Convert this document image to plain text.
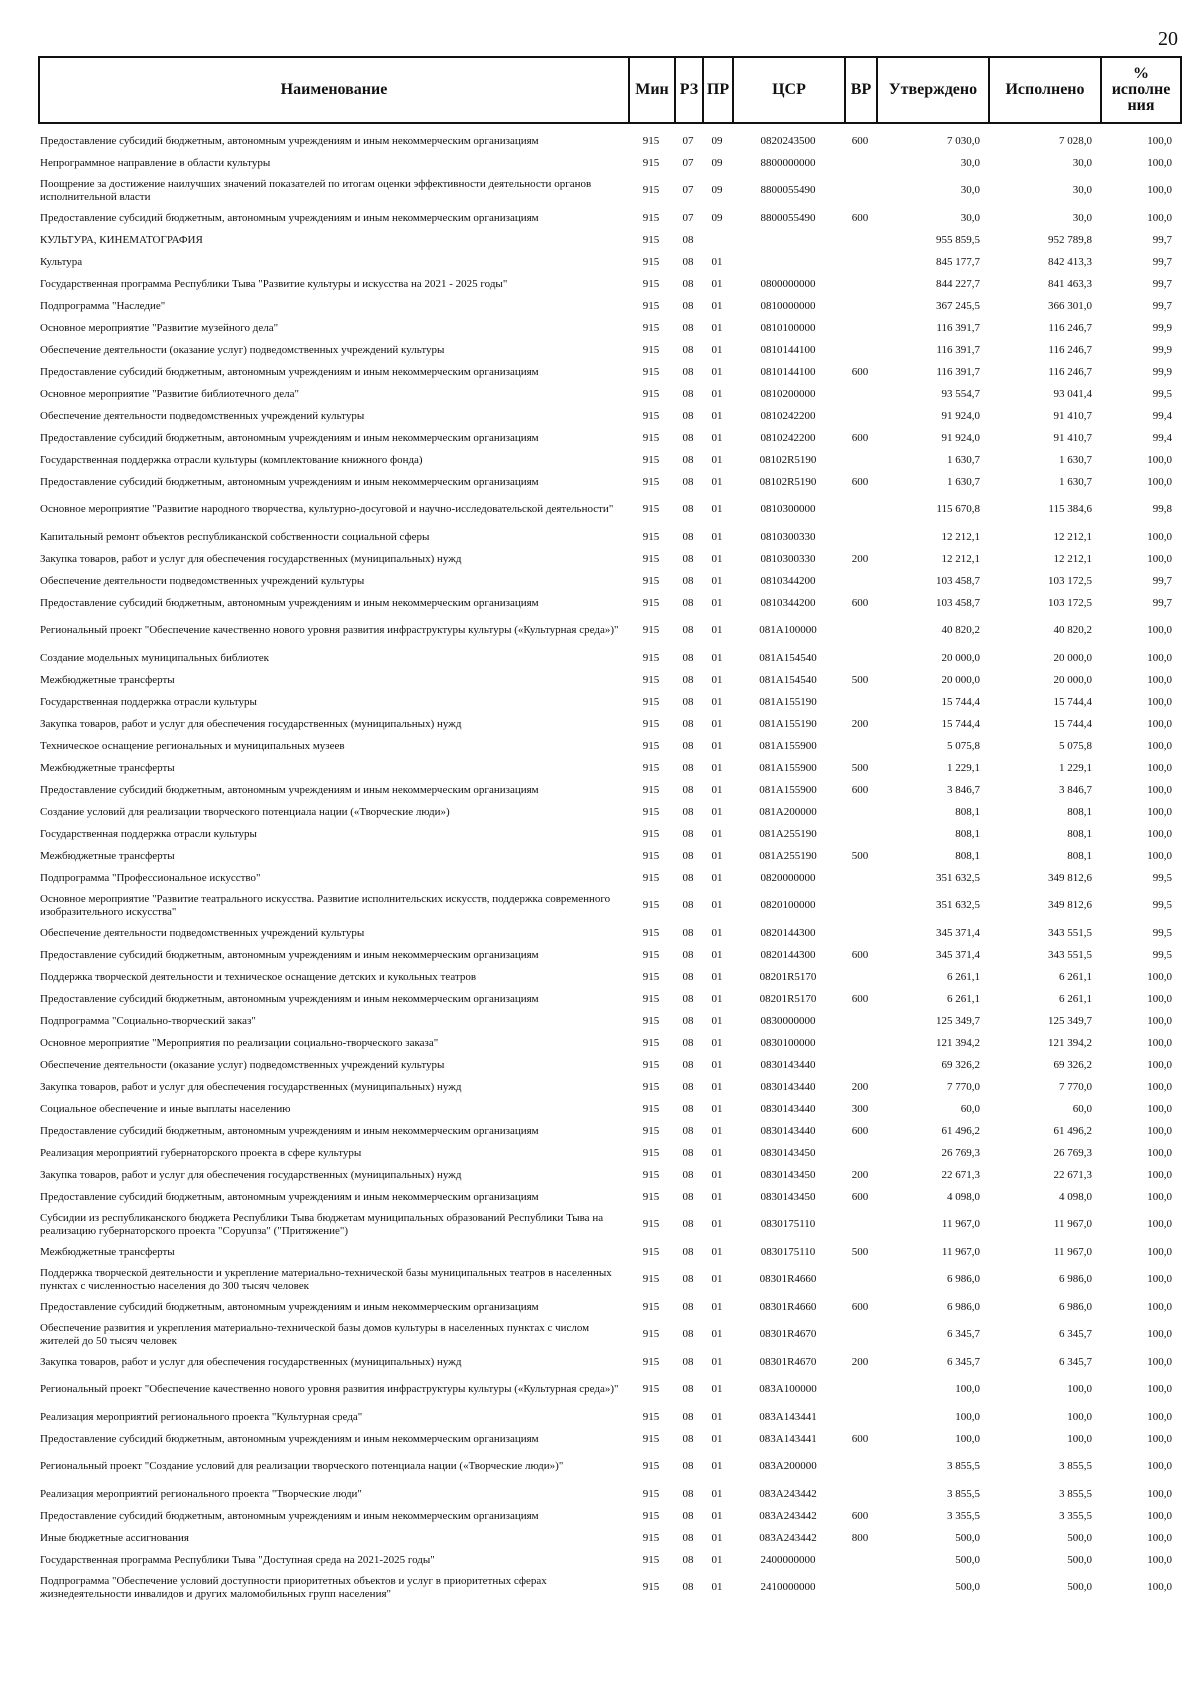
20
Наименование	Мин	РЗ	ПР	ЦСР	ВР	Утверждено	Исполнено	% исполне ния
Предоставление субсидий бюджетным, автономным учреждениям и иным некоммерческим организациям	915	07	09	0820243500	600	7 030,0	7 028,0	100,0
Непрограммное направление в области культуры	915	07	09	8800000000		30,0	30,0	100,0
Поощрение за достижение наилучших значений показателей по итогам оценки эффективности деятельности органов исполнительной власти	915	07	09	8800055490		30,0	30,0	100,0
Предоставление субсидий бюджетным, автономным учреждениям и иным некоммерческим организациям	915	07	09	8800055490	600	30,0	30,0	100,0
КУЛЬТУРА, КИНЕМАТОГРАФИЯ	915	08				955 859,5	952 789,8	99,7
Культура	915	08	01			845 177,7	842 413,3	99,7
Государственная программа Республики Тыва "Развитие культуры и искусства на 2021 - 2025 годы"	915	08	01	0800000000		844 227,7	841 463,3	99,7
Подпрограмма "Наследие"	915	08	01	0810000000		367 245,5	366 301,0	99,7
Основное мероприятие "Развитие музейного дела"	915	08	01	0810100000		116 391,7	116 246,7	99,9
Обеспечение деятельности (оказание услуг) подведомственных учреждений культуры	915	08	01	0810144100		116 391,7	116 246,7	99,9
Предоставление субсидий бюджетным, автономным учреждениям и иным некоммерческим организациям	915	08	01	0810144100	600	116 391,7	116 246,7	99,9
Основное мероприятие "Развитие библиотечного дела"	915	08	01	0810200000		93 554,7	93 041,4	99,5
Обеспечение деятельности подведомственных учреждений культуры	915	08	01	0810242200		91 924,0	91 410,7	99,4
Предоставление субсидий бюджетным, автономным учреждениям и иным некоммерческим организациям	915	08	01	0810242200	600	91 924,0	91 410,7	99,4
Государственная поддержка отрасли культуры (комплектование книжного фонда)	915	08	01	08102R5190		1 630,7	1 630,7	100,0
Предоставление субсидий бюджетным, автономным учреждениям и иным некоммерческим организациям	915	08	01	08102R5190	600	1 630,7	1 630,7	100,0
Основное мероприятие "Развитие народного творчества, культурно-досуговой и научно-исследовательской деятельности"	915	08	01	0810300000		115 670,8	115 384,6	99,8
Капитальный ремонт объектов республиканской собственности социальной сферы	915	08	01	0810300330		12 212,1	12 212,1	100,0
Закупка товаров, работ и услуг для обеспечения государственных (муниципальных) нужд	915	08	01	0810300330	200	12 212,1	12 212,1	100,0
Обеспечение деятельности подведомственных учреждений культуры	915	08	01	0810344200		103 458,7	103 172,5	99,7
Предоставление субсидий бюджетным, автономным учреждениям и иным некоммерческим организациям	915	08	01	0810344200	600	103 458,7	103 172,5	99,7
Региональный проект "Обеспечение качественно нового уровня развития инфраструктуры культуры («Культурная среда»)"	915	08	01	081A100000		40 820,2	40 820,2	100,0
Создание модельных муниципальных библиотек	915	08	01	081A154540		20 000,0	20 000,0	100,0
Межбюджетные трансферты	915	08	01	081A154540	500	20 000,0	20 000,0	100,0
Государственная поддержка отрасли культуры	915	08	01	081A155190		15 744,4	15 744,4	100,0
Закупка товаров, работ и услуг для обеспечения государственных (муниципальных) нужд	915	08	01	081A155190	200	15 744,4	15 744,4	100,0
Техническое оснащение региональных и муниципальных музеев	915	08	01	081A155900		5 075,8	5 075,8	100,0
Межбюджетные трансферты	915	08	01	081A155900	500	1 229,1	1 229,1	100,0
Предоставление субсидий бюджетным, автономным учреждениям и иным некоммерческим организациям	915	08	01	081A155900	600	3 846,7	3 846,7	100,0
Создание условий для реализации творческого потенциала нации («Творческие люди»)	915	08	01	081A200000		808,1	808,1	100,0
Государственная поддержка отрасли культуры	915	08	01	081A255190		808,1	808,1	100,0
Межбюджетные трансферты	915	08	01	081A255190	500	808,1	808,1	100,0
Подпрограмма "Профессиональное искусство"	915	08	01	0820000000		351 632,5	349 812,6	99,5
Основное мероприятие "Развитие театрального искусства. Развитие исполнительских искусств, поддержка современного изобразительного искусства"	915	08	01	0820100000		351 632,5	349 812,6	99,5
Обеспечение деятельности подведомственных учреждений культуры	915	08	01	0820144300		345 371,4	343 551,5	99,5
Предоставление субсидий бюджетным, автономным учреждениям и иным некоммерческим организациям	915	08	01	0820144300	600	345 371,4	343 551,5	99,5
Поддержка творческой деятельности и техническое оснащение детских и кукольных театров	915	08	01	08201R5170		6 261,1	6 261,1	100,0
Предоставление субсидий бюджетным, автономным учреждениям и иным некоммерческим организациям	915	08	01	08201R5170	600	6 261,1	6 261,1	100,0
Подпрограмма "Социально-творческий заказ"	915	08	01	0830000000		125 349,7	125 349,7	100,0
Основное мероприятие "Мероприятия по реализации социально-творческого заказа"	915	08	01	0830100000		121 394,2	121 394,2	100,0
Обеспечение деятельности (оказание услуг) подведомственных учреждений культуры	915	08	01	0830143440		69 326,2	69 326,2	100,0
Закупка товаров, работ и услуг для обеспечения государственных (муниципальных) нужд	915	08	01	0830143440	200	7 770,0	7 770,0	100,0
Социальное обеспечение и иные выплаты населению	915	08	01	0830143440	300	60,0	60,0	100,0
Предоставление субсидий бюджетным, автономным учреждениям и иным некоммерческим организациям	915	08	01	0830143440	600	61 496,2	61 496,2	100,0
Реализация мероприятий губернаторского проекта в сфере культуры	915	08	01	0830143450		26 769,3	26 769,3	100,0
Закупка товаров, работ и услуг для обеспечения государственных (муниципальных) нужд	915	08	01	0830143450	200	22 671,3	22 671,3	100,0
Предоставление субсидий бюджетным, автономным учреждениям и иным некоммерческим организациям	915	08	01	0830143450	600	4 098,0	4 098,0	100,0
Субсидии из республиканского бюджета Республики Тыва бюджетам муниципальных образований Республики Тыва на реализацию губернаторского проекта "Соруunза" ("Притяжение")	915	08	01	0830175110		11 967,0	11 967,0	100,0
Межбюджетные трансферты	915	08	01	0830175110	500	11 967,0	11 967,0	100,0
Поддержка творческой деятельности и укрепление материально-технической базы муниципальных театров в населенных пунктах с численностью населения до 300 тысяч человек	915	08	01	08301R4660		6 986,0	6 986,0	100,0
Предоставление субсидий бюджетным, автономным учреждениям и иным некоммерческим организациям	915	08	01	08301R4660	600	6 986,0	6 986,0	100,0
Обеспечение развития и укрепления материально-технической базы домов культуры в населенных пунктах с числом жителей до 50 тысяч человек	915	08	01	08301R4670		6 345,7	6 345,7	100,0
Закупка товаров, работ и услуг для обеспечения государственных (муниципальных) нужд	915	08	01	08301R4670	200	6 345,7	6 345,7	100,0
Региональный проект "Обеспечение качественно нового уровня развития инфраструктуры культуры («Культурная среда»)"	915	08	01	083A100000		100,0	100,0	100,0
Реализация мероприятий регионального проекта "Культурная среда"	915	08	01	083A143441		100,0	100,0	100,0
Предоставление субсидий бюджетным, автономным учреждениям и иным некоммерческим организациям	915	08	01	083A143441	600	100,0	100,0	100,0
Региональный проект "Создание условий для реализации творческого потенциала нации («Творческие люди»)"	915	08	01	083A200000		3 855,5	3 855,5	100,0
Реализация мероприятий регионального проекта "Творческие люди"	915	08	01	083A243442		3 855,5	3 855,5	100,0
Предоставление субсидий бюджетным, автономным учреждениям и иным некоммерческим организациям	915	08	01	083A243442	600	3 355,5	3 355,5	100,0
Иные бюджетные ассигнования	915	08	01	083A243442	800	500,0	500,0	100,0
Государственная программа Республики Тыва "Доступная среда на 2021-2025 годы"	915	08	01	2400000000		500,0	500,0	100,0
Подпрограмма "Обеспечение условий доступности приоритетных объектов и услуг в приоритетных сферах жизнедеятельности инвалидов и других маломобильных групп населения"	915	08	01	2410000000		500,0	500,0	100,0
